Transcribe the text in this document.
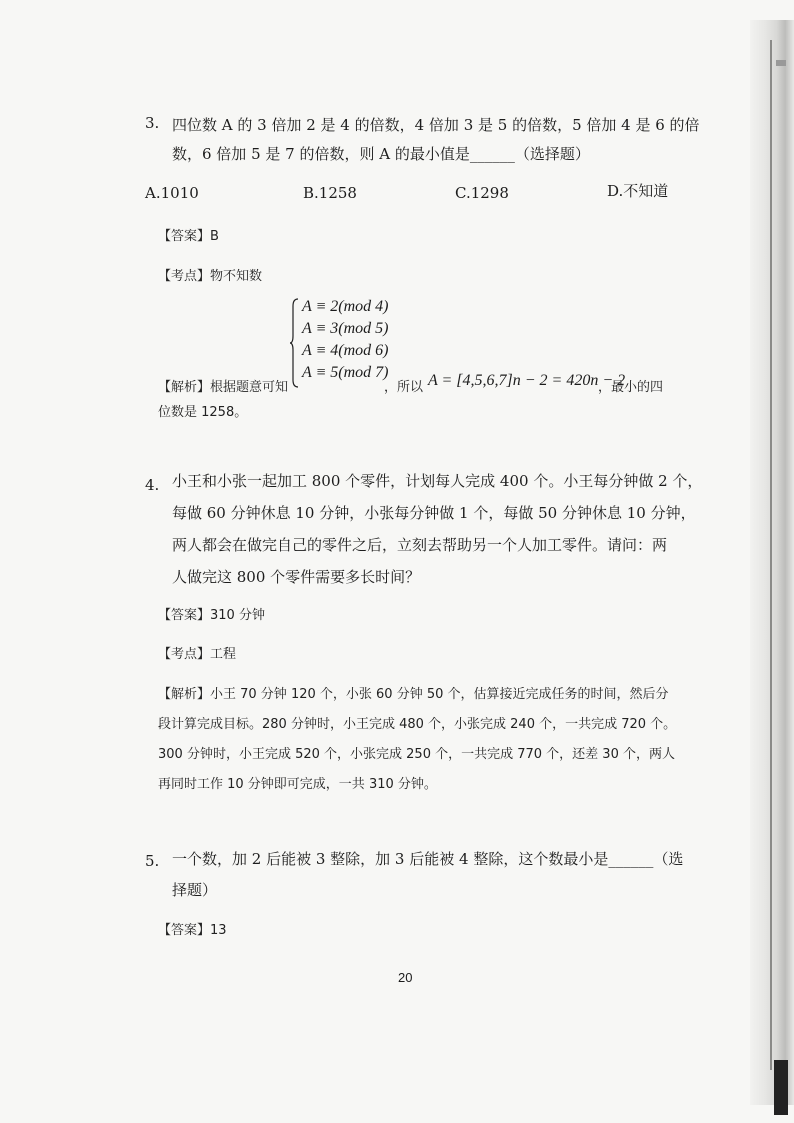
3. 四位数 A 的 3 倍加 2 是 4 的倍数，4 倍加 3 是 5 的倍数，5 倍加 4 是 6 的倍
数，6 倍加 5 是 7 的倍数，则 A 的最小值是______（选择题）
A.1010	B.1258	C.1298	D.不知道
【答案】B
【考点】物不知数
A ≡ 2(mod 4)
A ≡ 3(mod 5)
A ≡ 4(mod 6)
A ≡ 5(mod 7)
【解析】根据题意可知	，所以 A = [4,5,6,7]n − 2 = 420n − 2
，最小的四
位数是 1258。
4. 小王和小张一起加工 800 个零件，计划每人完成 400 个。小王每分钟做 2 个，
每做 60 分钟休息 10 分钟，小张每分钟做 1 个，每做 50 分钟休息 10 分钟，
两人都会在做完自己的零件之后，立刻去帮助另一个人加工零件。请问：两
人做完这 800 个零件需要多长时间？
【答案】310 分钟
【考点】工程
【解析】小王 70 分钟 120 个，小张 60 分钟 50 个，估算接近完成任务的时间，然后分
段计算完成目标。280 分钟时，小王完成 480 个，小张完成 240 个，一共完成 720 个。
300 分钟时，小王完成 520 个，小张完成 250 个，一共完成 770 个，还差 30 个，两人
再同时工作 10 分钟即可完成，一共 310 分钟。
5. 一个数，加 2 后能被 3 整除，加 3 后能被 4 整除，这个数最小是______（选
择题）
【答案】13
20
